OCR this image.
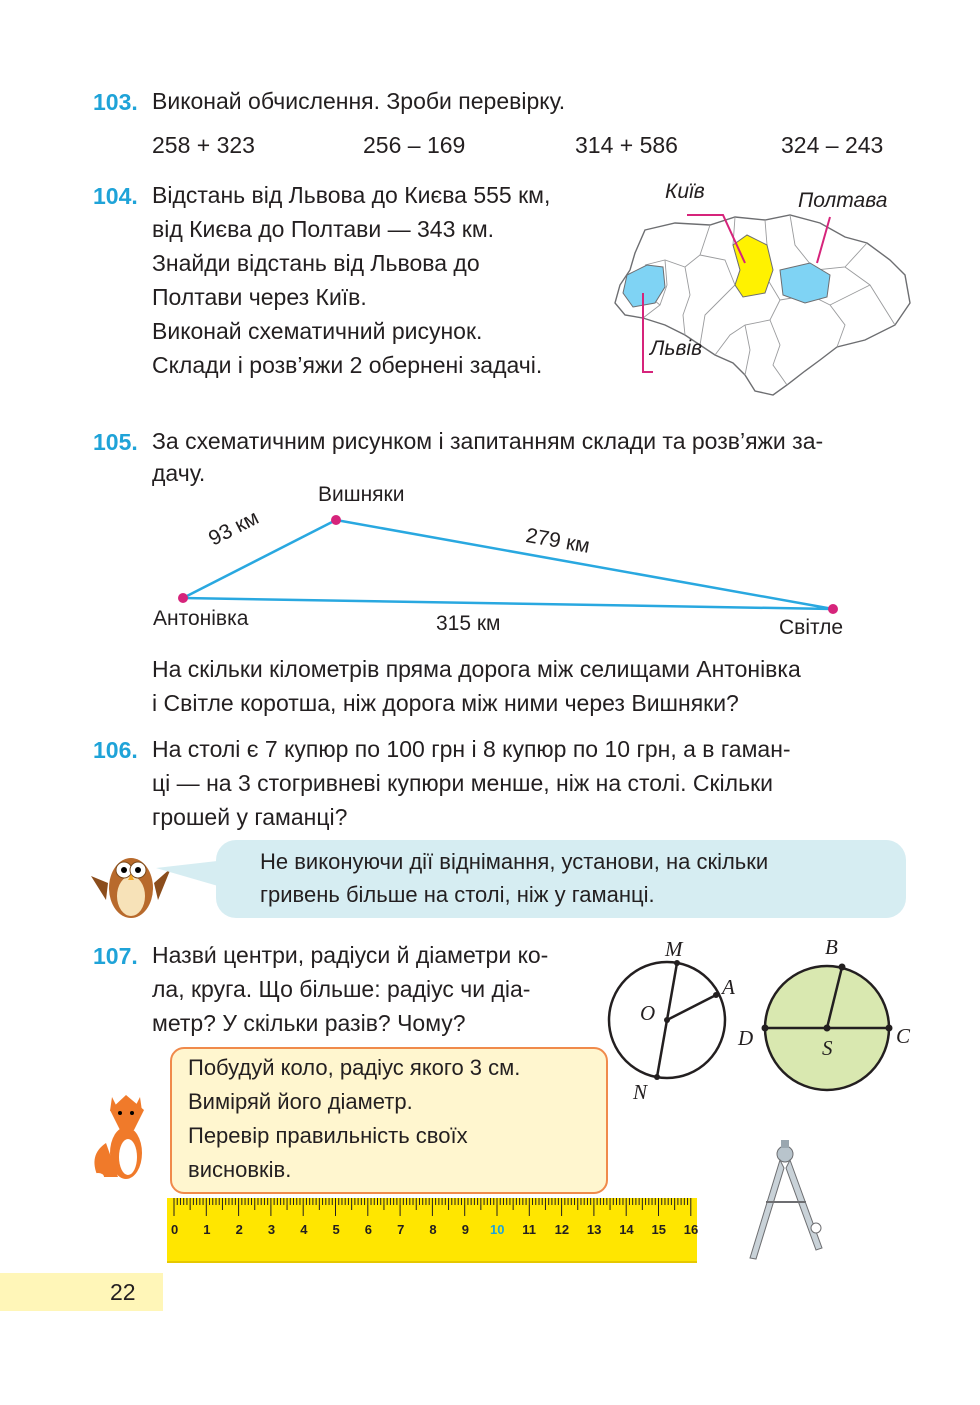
103. Виконай обчислення. Зроби перевірку.
258 + 323	256 – 169	314 + 586	324 – 243
104. Відстань від Львова до Києва 555 км,
від Києва до Полтави — 343 км.
Знайди відстань від Львова до
Полтави через Київ.
Виконай схематичний рисунок.
Склади і розв’яжи 2 обернені задачі.
Київ	Полтава
Львів
105. За схематичним рисунком і запитанням склади та розв’яжи за-
дачу.
Вишняки
Антонівка	Світле
93 км	279 км
315 км
На скільки кілометрів пряма дорога між селищами Антонівка
і Світле коротша, ніж дорога між ними через Вишняки?
106. На столі є 7 купюр по 100 грн і 8 купюр по 10 грн, а в гаман-
ці — на 3 стогривневі купюри менше, ніж на столі. Скільки
грошей у гаманці?
Не виконуючи дії віднімання, установи, на скільки
гривень більше на столі, ніж у гаманці.
107. Назви́ центри, радіуси й діаметри ко-
ла, круга. Що більше: радіус чи діа-
метр? У скільки разів? Чому?
M
A
O
N
B
D	S	C
Побудуй коло, радіус якого 3 см.
Виміряй його діаметр.
Перевір правильність своїх
висновків.
0 1 2 3 4 5 6 7 8 9 10 11 12 13 14 15 16
22
